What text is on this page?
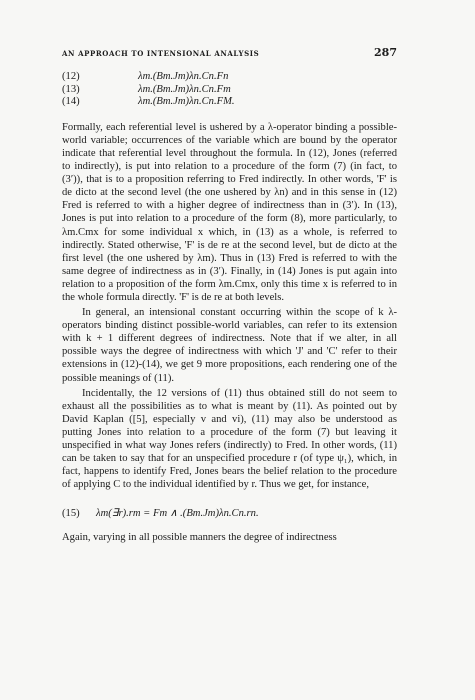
AN APPROACH TO INTENSIONAL ANALYSIS	287
(12)	λm.(Bm.Jm)λn.Cn.Fn
(13)	λm.(Bm.Jm)λn.Cn.Fm
(14)	λm.(Bm.Jm)λn.Cn.FM.

Formally, each referential level is ushered by a λ-operator binding a possible-world variable; occurrences of the variable which are bound by the operator indicate that referential level throughout the formula. In (12), Jones (referred to indirectly), is put into relation to a procedure of the form (7) (in fact, to (3′)), that is to a proposition referring to Fred indirectly. In other words, 'F' is de dicto at the second level (the one ushered by λn) and in this sense in (12) Fred is referred to with a higher degree of indirectness than in (3′). In (13), Jones is put into relation to a procedure of the form (8), more particularly, to λm.Cmx for some individual x which, in (13) as a whole, is referred to indirectly. Stated otherwise, 'F' is de re at the second level, but de dicto at the first level (the one ushered by λm). Thus in (13) Fred is referred to with the same degree of indirectness as in (3′). Finally, in (14) Jones is put again into relation to a proposition of the form λm.Cmx, only this time x is referred to in the whole formula directly. 'F' is de re at both levels.

In general, an intensional constant occurring within the scope of k λ-operators binding distinct possible-world variables, can refer to its extension with k + 1 different degrees of indirectness. Note that if we alter, in all possible ways the degree of indirectness with which 'J' and 'C' refer to their extensions in (12)-(14), we get 9 more propositions, each rendering one of the possible meanings of (11).

Incidentally, the 12 versions of (11) thus obtained still do not seem to exhaust all the possibilities as to what is meant by (11). As pointed out by David Kaplan ([5], especially v and vi), (11) may also be understood as putting Jones into relation to a procedure of the form (7) but leaving it unspecified in what way Jones refers (indirectly) to Fred. In other words, (11) can be taken to say that for an unspecified procedure r (of type ψ₁), which, in fact, happens to identify Fred, Jones bears the belief relation to the procedure of applying C to the individual identified by r. Thus we get, for instance,

(15)	λm(∃r).rm = Fm ∧ .(Bm.Jm)λn.Cn.rn.

Again, varying in all possible manners the degree of indirectness
